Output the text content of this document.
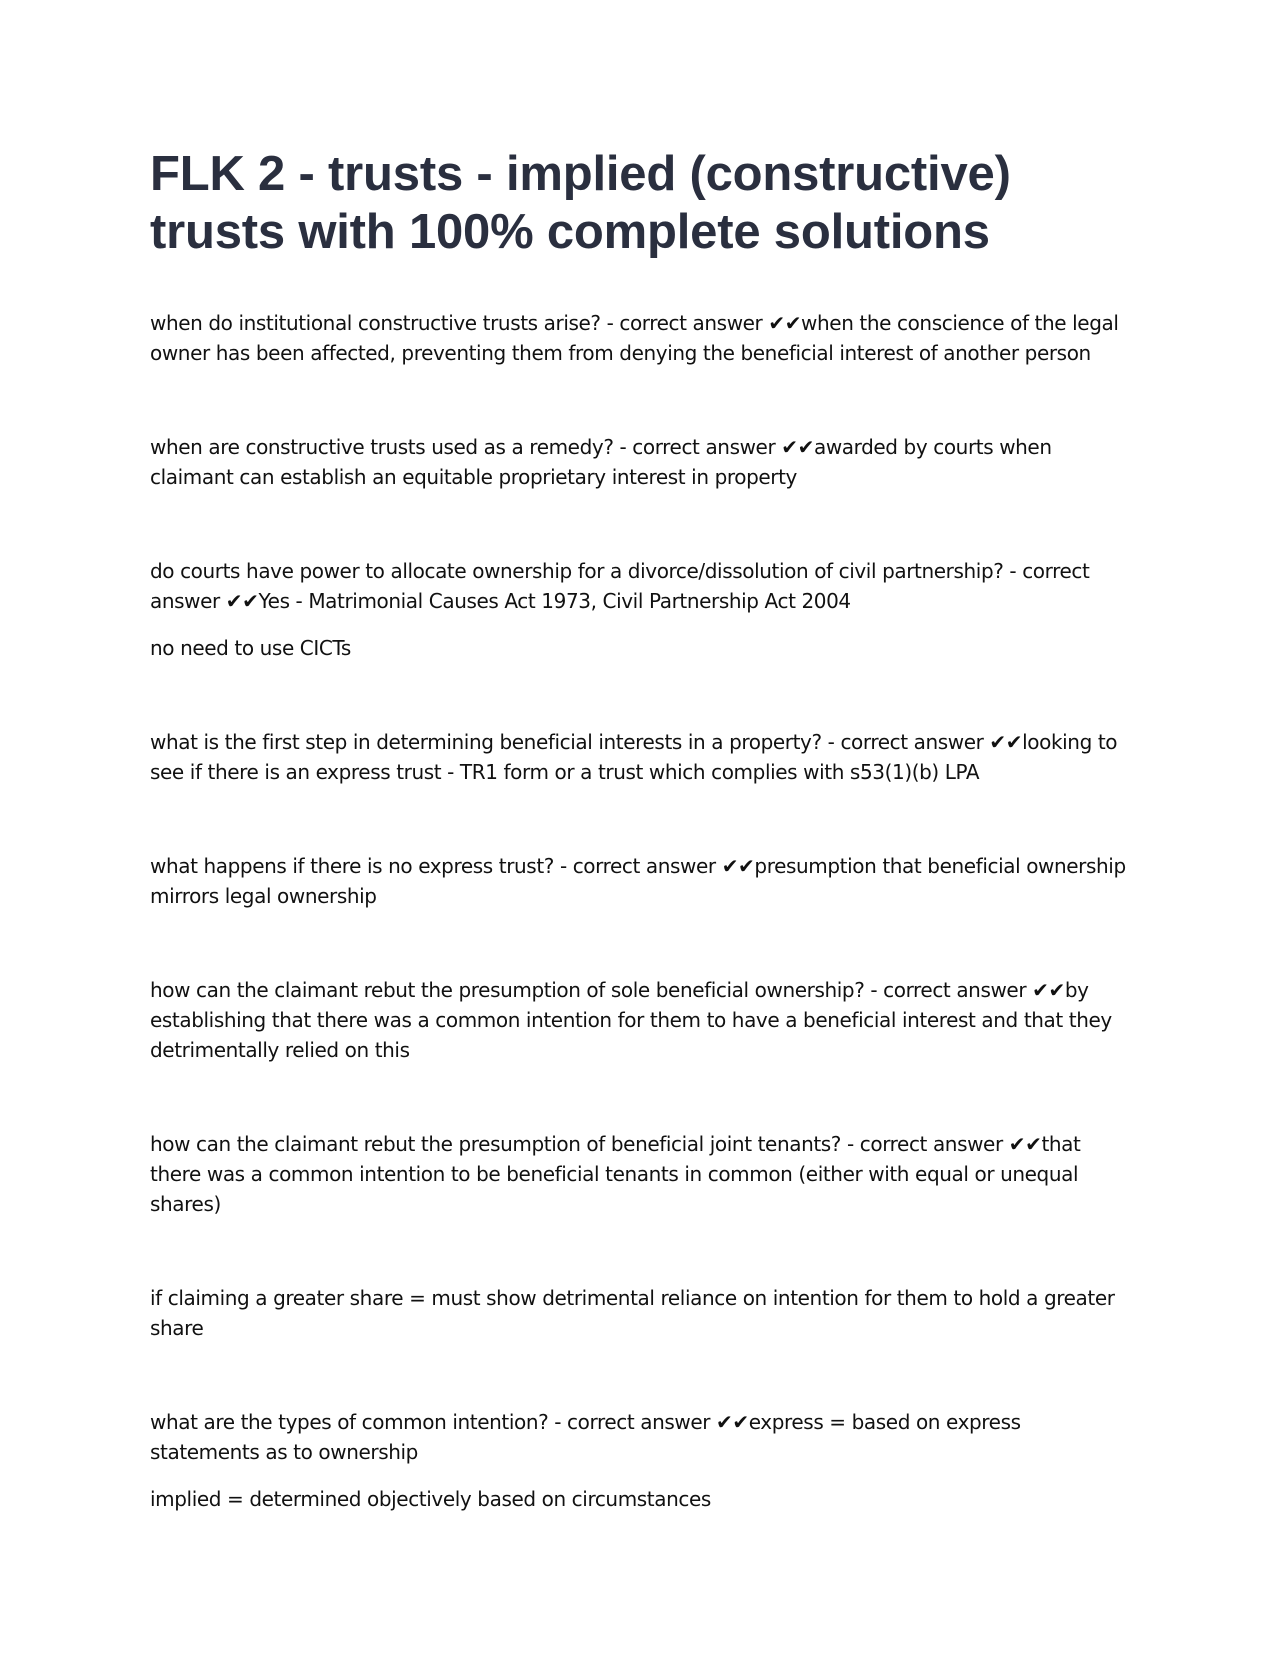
FLK 2 - trusts - implied (constructive) trusts with 100% complete solutions

when do institutional constructive trusts arise? - correct answer ✔✔when the conscience of the legal owner has been affected, preventing them from denying the beneficial interest of another person

when are constructive trusts used as a remedy? - correct answer ✔✔awarded by courts when claimant can establish an equitable proprietary interest in property

do courts have power to allocate ownership for a divorce/dissolution of civil partnership? - correct answer ✔✔Yes - Matrimonial Causes Act 1973, Civil Partnership Act 2004

no need to use CICTs

what is the first step in determining beneficial interests in a property? - correct answer ✔✔looking to see if there is an express trust - TR1 form or a trust which complies with s53(1)(b) LPA

what happens if there is no express trust? - correct answer ✔✔presumption that beneficial ownership mirrors legal ownership

how can the claimant rebut the presumption of sole beneficial ownership? - correct answer ✔✔by establishing that there was a common intention for them to have a beneficial interest and that they detrimentally relied on this

how can the claimant rebut the presumption of beneficial joint tenants? - correct answer ✔✔that there was a common intention to be beneficial tenants in common (either with equal or unequal shares)

if claiming a greater share = must show detrimental reliance on intention for them to hold a greater share

what are the types of common intention? - correct answer ✔✔express = based on express statements as to ownership

implied = determined objectively based on circumstances
